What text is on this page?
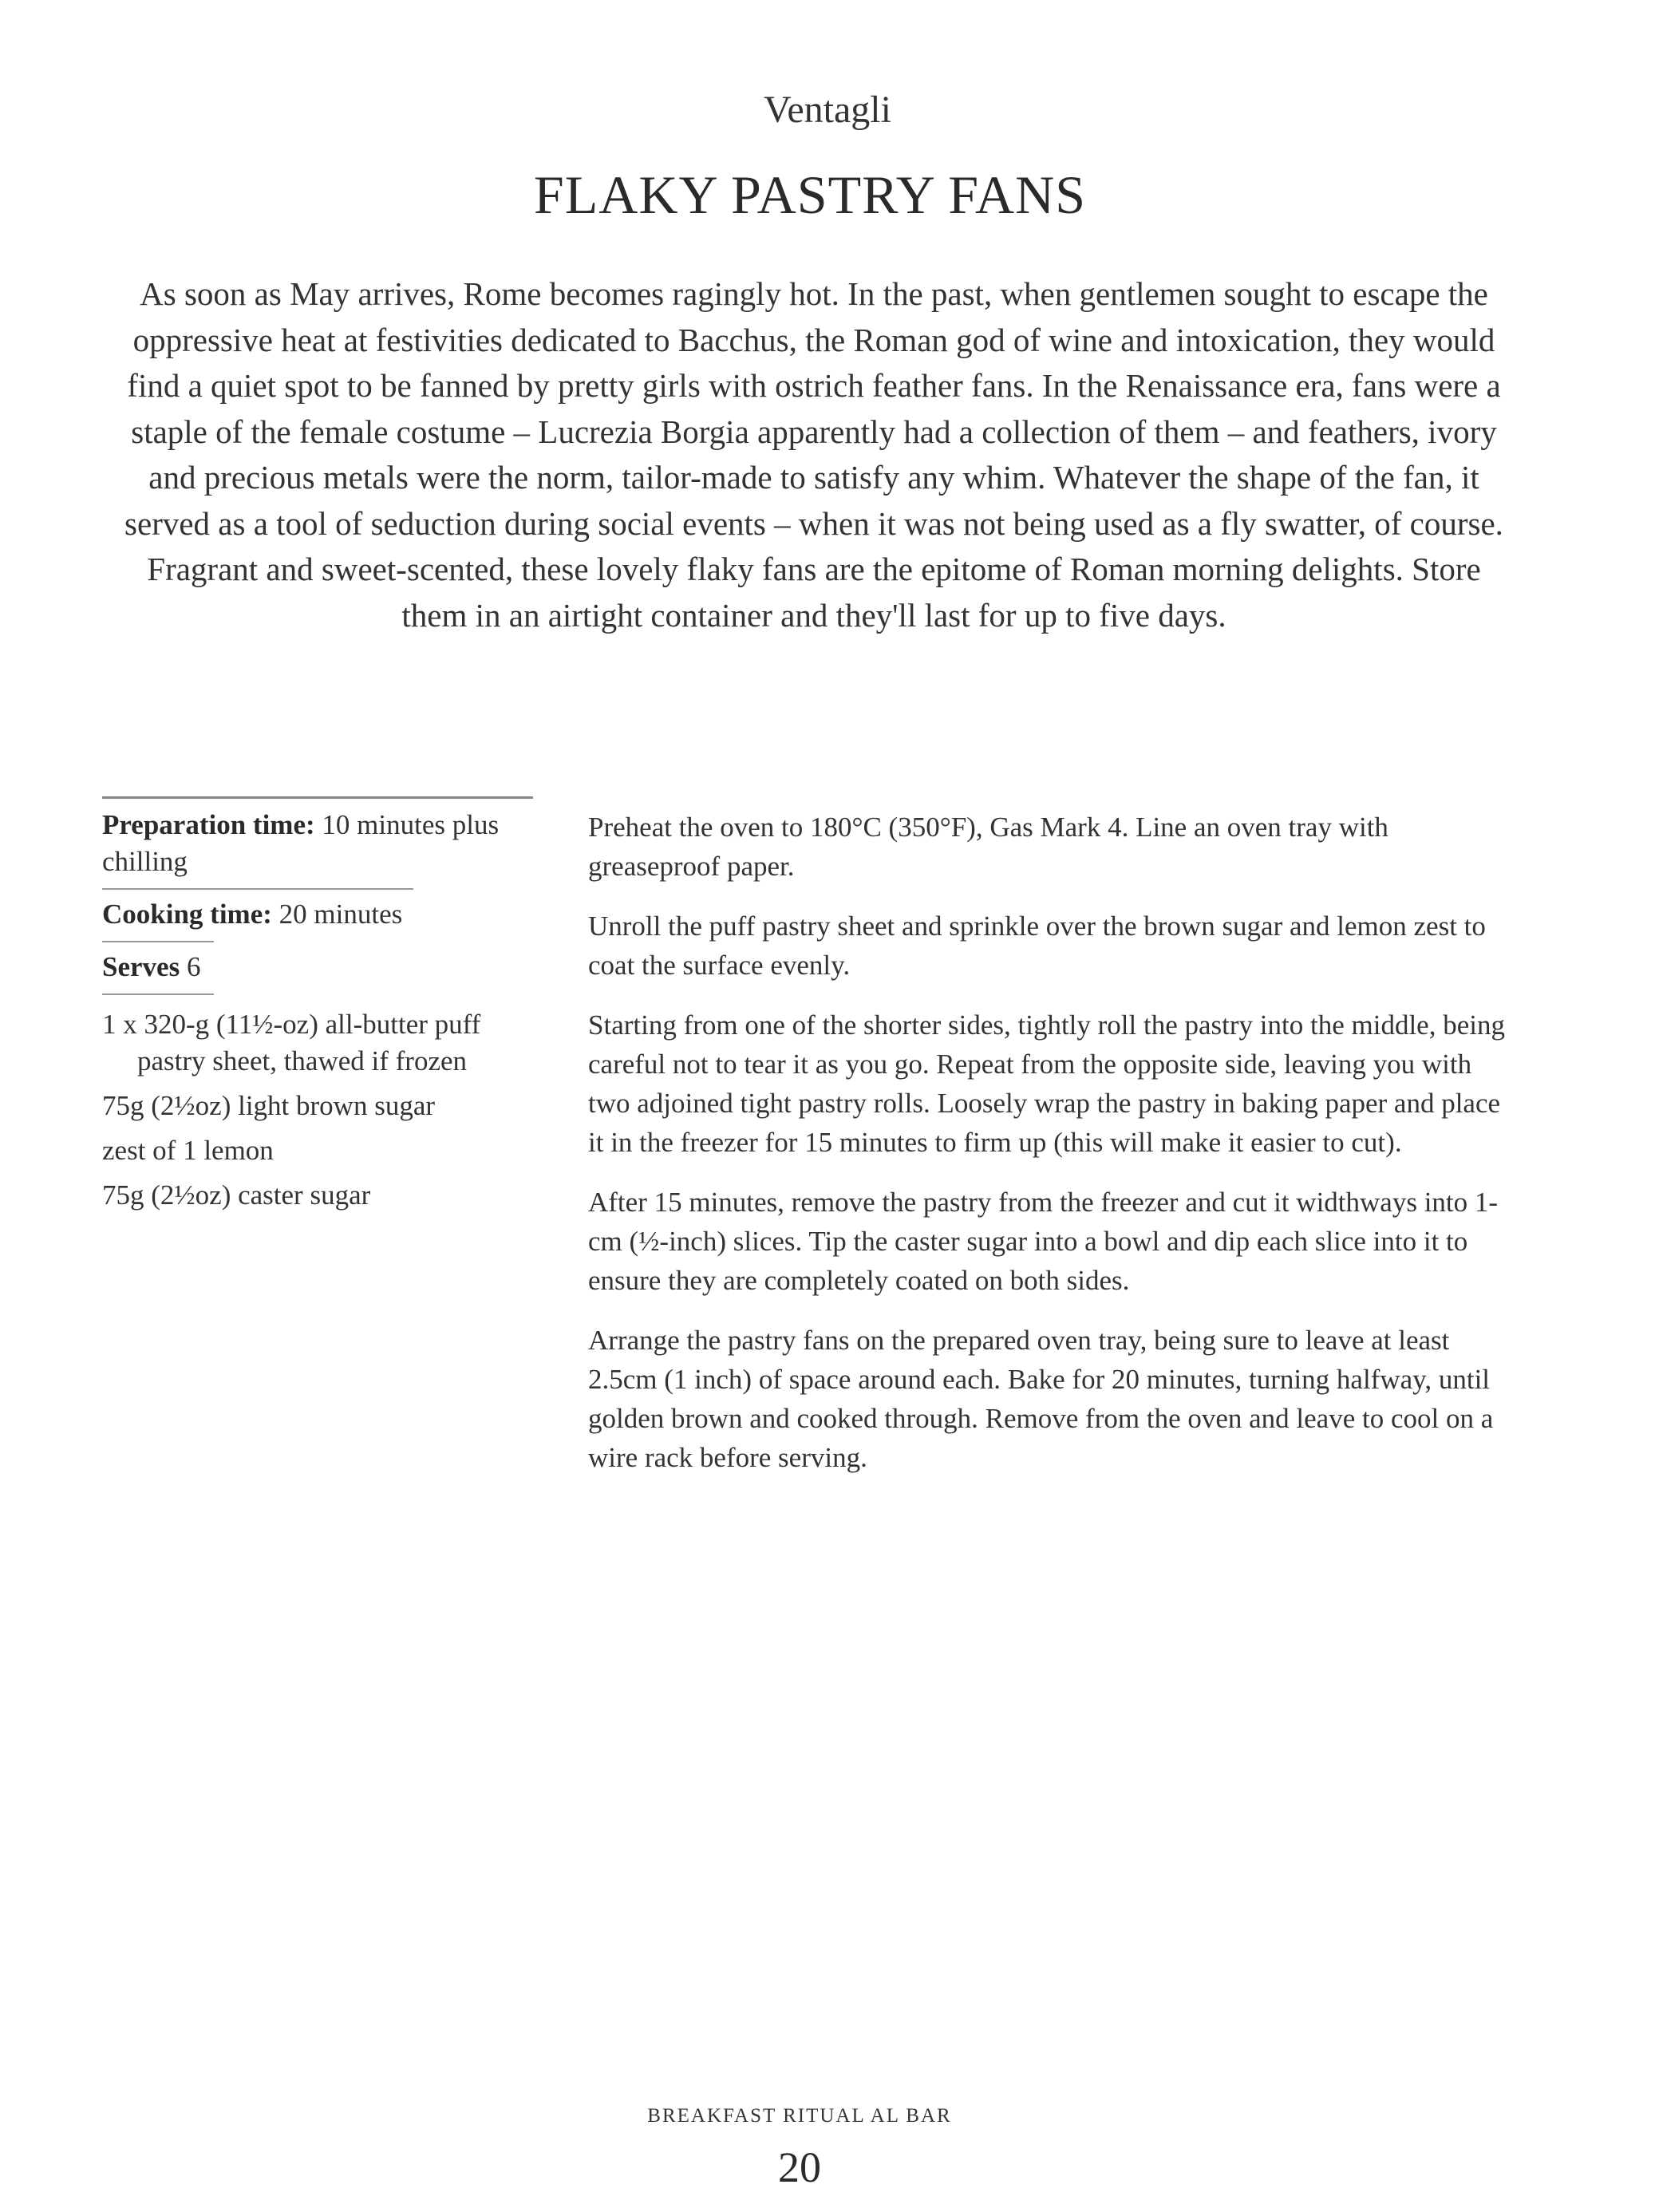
Ventagli
FLAKY PASTRY FANS

As soon as May arrives, Rome becomes ragingly hot. In the past, when gentlemen sought to escape the oppressive heat at festivities dedicated to Bacchus, the Roman god of wine and intoxication, they would find a quiet spot to be fanned by pretty girls with ostrich feather fans. In the Renaissance era, fans were a staple of the female costume – Lucrezia Borgia apparently had a collection of them – and feathers, ivory and precious metals were the norm, tailor-made to satisfy any whim. Whatever the shape of the fan, it served as a tool of seduction during social events – when it was not being used as a fly swatter, of course.

Fragrant and sweet-scented, these lovely flaky fans are the epitome of Roman morning delights. Store them in an airtight container and they'll last for up to five days.

Preparation time: 10 minutes plus chilling
Cooking time: 20 minutes
Serves 6
1 x 320-g (11½-oz) all-butter puff pastry sheet, thawed if frozen
75g (2½oz) light brown sugar
zest of 1 lemon
75g (2½oz) caster sugar

Preheat the oven to 180°C (350°F), Gas Mark 4. Line an oven tray with greaseproof paper.

Unroll the puff pastry sheet and sprinkle over the brown sugar and lemon zest to coat the surface evenly.

Starting from one of the shorter sides, tightly roll the pastry into the middle, being careful not to tear it as you go. Repeat from the opposite side, leaving you with two adjoined tight pastry rolls. Loosely wrap the pastry in baking paper and place it in the freezer for 15 minutes to firm up (this will make it easier to cut).

After 15 minutes, remove the pastry from the freezer and cut it widthways into 1-cm (½-inch) slices. Tip the caster sugar into a bowl and dip each slice into it to ensure they are completely coated on both sides.

Arrange the pastry fans on the prepared oven tray, being sure to leave at least 2.5cm (1 inch) of space around each. Bake for 20 minutes, turning halfway, until golden brown and cooked through. Remove from the oven and leave to cool on a wire rack before serving.

BREAKFAST RITUAL AL BAR
20
